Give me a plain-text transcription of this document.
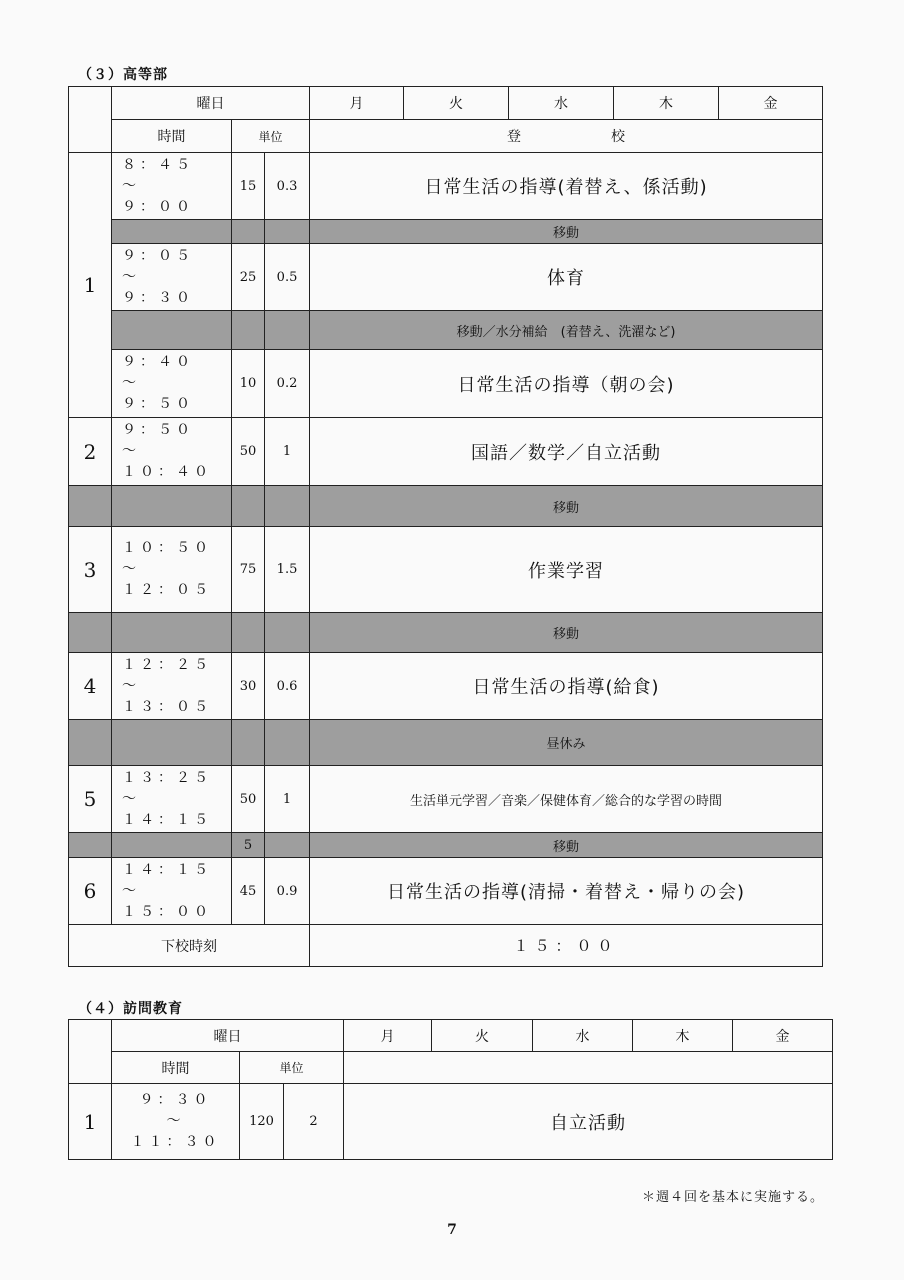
（３）高等部
	曜日			月	火	水	木	金
	時間	単位		登 校				
1	８：４５
～
９：００	15	0.3	日常生活の指導(着替え、係活動)				
				移動				
	９：０５
～
９：３０	25	0.5	体育				
				移動／水分補給　(着替え、洗濯など)				
	９：４０
～
９：５０	10	0.2	日常生活の指導（朝の会)				
2	９：５０
～
１０：４０	50	1	国語／数学／自立活動				
				移動				
3	１０：５０
～
１２：０５	75	1.5	作業学習				
				移動				
4	１２：２５
～
１３：０５	30	0.6	日常生活の指導(給食)				
				昼休み				
5	１３：２５
～
１４：１５	50	1	生活単元学習／音楽／保健体育／総合的な学習の時間				
		5		移動				
6	１４：１５
～
１５：００	45	0.9	日常生活の指導(清掃・着替え・帰りの会)				
下校時刻				１５：００				
（４）訪問教育
	曜日			月	火	水	木	金
	時間	単位						
1	９：３０
～
１１：３０	120	2	自立活動				
＊週４回を基本に実施する。
7
